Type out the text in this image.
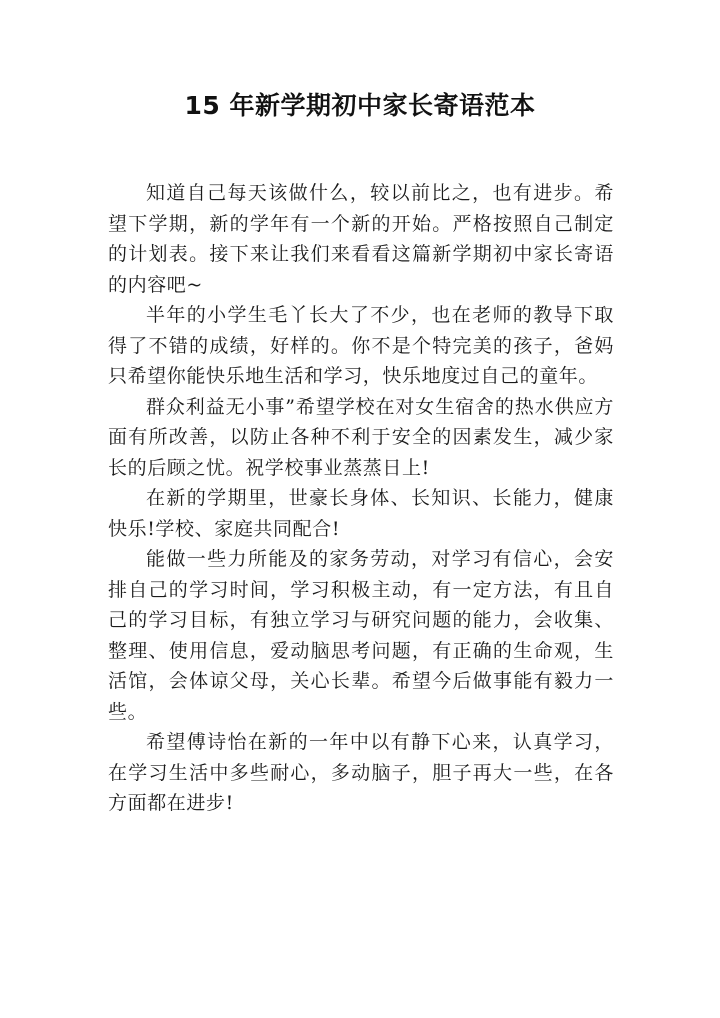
15 年新学期初中家长寄语范本

知道自己每天该做什么，较以前比之，也有进步。希望下学期，新的学年有一个新的开始。严格按照自己制定的计划表。接下来让我们来看看这篇新学期初中家长寄语的内容吧~

半年的小学生毛丫长大了不少，也在老师的教导下取得了不错的成绩，好样的。你不是个特完美的孩子，爸妈只希望你能快乐地生活和学习，快乐地度过自己的童年。

群众利益无小事”希望学校在对女生宿舍的热水供应方面有所改善，以防止各种不利于安全的因素发生，减少家长的后顾之忧。祝学校事业蒸蒸日上!

在新的学期里，世豪长身体、长知识、长能力，健康快乐!学校、家庭共同配合!

能做一些力所能及的家务劳动，对学习有信心，会安排自己的学习时间，学习积极主动，有一定方法，有且自己的学习目标，有独立学习与研究问题的能力，会收集、整理、使用信息，爱动脑思考问题，有正确的生命观，生活馆，会体谅父母，关心长辈。希望今后做事能有毅力一些。

希望傅诗怡在新的一年中以有静下心来，认真学习，在学习生活中多些耐心，多动脑子，胆子再大一些，在各方面都在进步!
